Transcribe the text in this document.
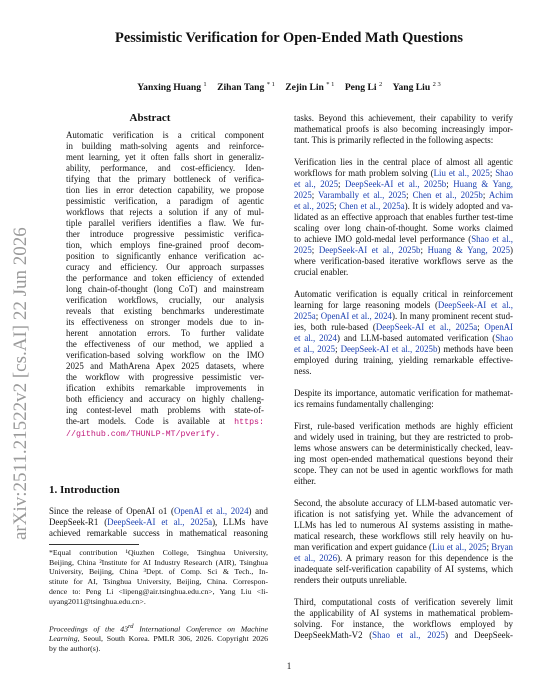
arXiv:2511.21522v2 [cs.AI] 22 Jun 2026
Pessimistic Verification for Open-Ended Math Questions
Yanxing Huang $^1$ Zihan Tang $^{* 1}$ Zejin Lin $^{* 1}$ Peng Li $^2$ Yang Liu $^{2 3}$
Abstract
Automatic verification is a critical component
in building math-solving agents and reinforce-
ment learning, yet it often falls short in generaliz-
ability, performance, and cost-efficiency. Iden-
tifying that the primary bottleneck of verifica-
tion lies in error detection capability, we propose
pessimistic verification, a paradigm of agentic
workflows that rejects a solution if any of mul-
tiple parallel verifiers identifies a flaw. We fur-
ther introduce progressive pessimistic verifica-
tion, which employs fine-grained proof decom-
position to significantly enhance verification ac-
curacy and efficiency. Our approach surpasses
the performance and token efficiency of extended
long chain-of-thought (long CoT) and mainstream
verification workflows, crucially, our analysis
reveals that existing benchmarks underestimate
its effectiveness on stronger models due to in-
herent annotation errors. To further validate
the effectiveness of our method, we applied a
verification-based solving workflow on the IMO
2025 and MathArena Apex 2025 datasets, where
the workflow with progressive pessimistic ver-
ification exhibits remarkable improvements in
both efficiency and accuracy on highly challeng-
ing contest-level math problems with state-of-
the-art models. Code is available at https:
//github.com/THUNLP-MT/pverify.
1. Introduction
Since the release of OpenAI o1 (OpenAI et al., 2024) and
DeepSeek-R1 (DeepSeek-AI et al., 2025a), LLMs have
achieved remarkable success in mathematical reasoning
*Equal contribution ¹Qiuzhen College, Tsinghua University,
Beijing, China ²Institute for AI Industry Research (AIR), Tsinghua
University, Beijing, China ³Dept. of Comp. Sci & Tech., In-
stitute for AI, Tsinghua University, Beijing, China. Correspon-
dence to: Peng Li <lipeng@air.tsinghua.edu.cn>, Yang Liu <li-
uyang2011@tsinghua.edu.cn>.
Proceedings of the 43rd International Conference on Machine
Learning, Seoul, South Korea. PMLR 306, 2026. Copyright 2026
by the author(s).
tasks. Beyond this achievement, their capability to verify
mathematical proofs is also becoming increasingly impor-
tant. This is primarily reflected in the following aspects:
Verification lies in the central place of almost all agentic
workflows for math problem solving (Liu et al., 2025; Shao
et al., 2025; DeepSeek-AI et al., 2025b; Huang & Yang,
2025; Varambally et al., 2025; Chen et al., 2025b; Achim
et al., 2025; Chen et al., 2025a). It is widely adopted and va-
lidated as an effective approach that enables further test-time
scaling over long chain-of-thought. Some works claimed
to achieve IMO gold-medal level performance (Shao et al.,
2025; DeepSeek-AI et al., 2025b; Huang & Yang, 2025)
where verification-based iterative workflows serve as the
crucial enabler.
Automatic verification is equally critical in reinforcement
learning for large reasoning models (DeepSeek-AI et al.,
2025a; OpenAI et al., 2024). In many prominent recent stud-
ies, both rule-based (DeepSeek-AI et al., 2025a; OpenAI
et al., 2024) and LLM-based automated verification (Shao
et al., 2025; DeepSeek-AI et al., 2025b) methods have been
employed during training, yielding remarkable effective-
ness.
Despite its importance, automatic verification for mathemat-
ics remains fundamentally challenging:
First, rule-based verification methods are highly efficient
and widely used in training, but they are restricted to prob-
lems whose answers can be deterministically checked, leav-
ing most open-ended mathematical questions beyond their
scope. They can not be used in agentic workflows for math
either.
Second, the absolute accuracy of LLM-based automatic ver-
ification is not satisfying yet. While the advancement of
LLMs has led to numerous AI systems assisting in mathe-
matical research, these workflows still rely heavily on hu-
man verification and expert guidance (Liu et al., 2025; Bryan
et al., 2026). A primary reason for this dependence is the
inadequate self-verification capability of AI systems, which
renders their outputs unreliable.
Third, computational costs of verification severely limit
the applicability of AI systems in mathematical problem-
solving. For instance, the workflows employed by
DeepSeekMath-V2 (Shao et al., 2025) and DeepSeek-
1
